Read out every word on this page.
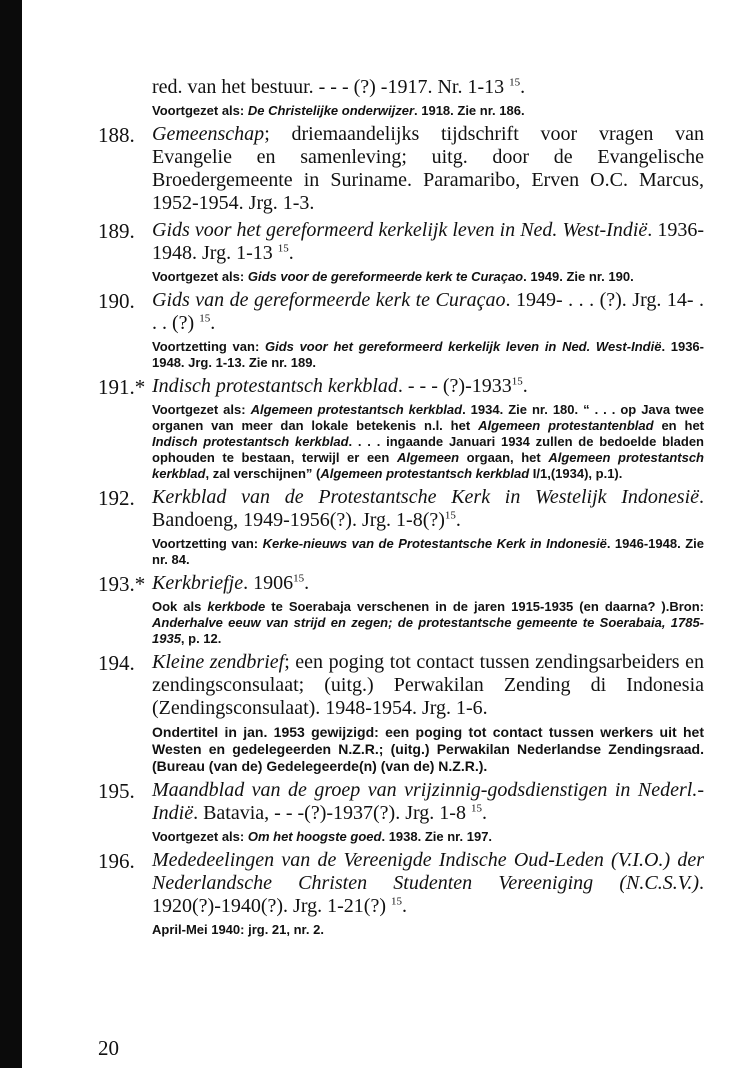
red. van het bestuur. - - - (?) -1917. Nr. 1-13 $^{15}$.
Voortgezet als: De Christelijke onderwijzer. 1918. Zie nr. 186.
188. Gemeenschap; driemaandelijks tijdschrift voor vragen van Evangelie en samenleving; uitg. door de Evangelische Broedergemeente in Suriname. Paramaribo, Erven O.C. Marcus, 1952-1954. Jrg. 1-3.
189. Gids voor het gereformeerd kerkelijk leven in Ned. West-Indië. 1936-1948. Jrg. 1-13 $^{15}$.
Voortgezet als: Gids voor de gereformeerde kerk te Curaçao. 1949. Zie nr. 190.
190. Gids van de gereformeerde kerk te Curaçao. 1949- . . . (?). Jrg. 14- . . . (?) $^{15}$.
Voortzetting van: Gids voor het gereformeerd kerkelijk leven in Ned. West-Indië. 1936-1948. Jrg. 1-13. Zie nr. 189.
191.* Indisch protestantsch kerkblad. - - - (?)-1933$^{15}$.
Voortgezet als: Algemeen protestantsch kerkblad. 1934. Zie nr. 180. “ . . . op Java twee organen van meer dan lokale betekenis n.l. het Algemeen protestantenblad en het Indisch protestantsch kerkblad. . . . ingaande Januari 1934 zullen de bedoelde bladen ophouden te bestaan, terwijl er een Algemeen orgaan, het Algemeen protestantsch kerkblad, zal verschijnen” (Algemeen protestantsch kerkblad I/1,(1934), p.1).
192. Kerkblad van de Protestantsche Kerk in Westelijk Indonesië. Bandoeng, 1949-1956(?). Jrg. 1-8(?)$^{15}$.
Voortzetting van: Kerke-nieuws van de Protestantsche Kerk in Indonesië. 1946-1948. Zie nr. 84.
193.* Kerkbriefje. 1906$^{15}$.
Ook als kerkbode te Soerabaja verschenen in de jaren 1915-1935 (en daarna? ).Bron: Anderhalve eeuw van strijd en zegen; de protestantsche gemeente te Soerabaia, 1785-1935, p. 12.
194. Kleine zendbrief; een poging tot contact tussen zendingsarbeiders en zendingsconsulaat; (uitg.) Perwakilan Zending di Indonesia (Zendingsconsulaat). 1948-1954. Jrg. 1-6.
Ondertitel in jan. 1953 gewijzigd: een poging tot contact tussen werkers uit het Westen en gedelegeerden N.Z.R.; (uitg.) Perwakilan Nederlandse Zendingsraad. (Bureau (van de) Gedelegeerde(n) (van de) N.Z.R.).
195. Maandblad van de groep van vrijzinnig-godsdienstigen in Nederl.-Indië. Batavia, - - -(?)-1937(?). Jrg. 1-8 $^{15}$.
Voortgezet als: Om het hoogste goed. 1938. Zie nr. 197.
196. Mededeelingen van de Vereenigde Indische Oud-Leden (V.I.O.) der Nederlandsche Christen Studenten Vereeniging (N.C.S.V.). 1920(?)-1940(?). Jrg. 1-21(?) $^{15}$.
April-Mei 1940: jrg. 21, nr. 2.
20
